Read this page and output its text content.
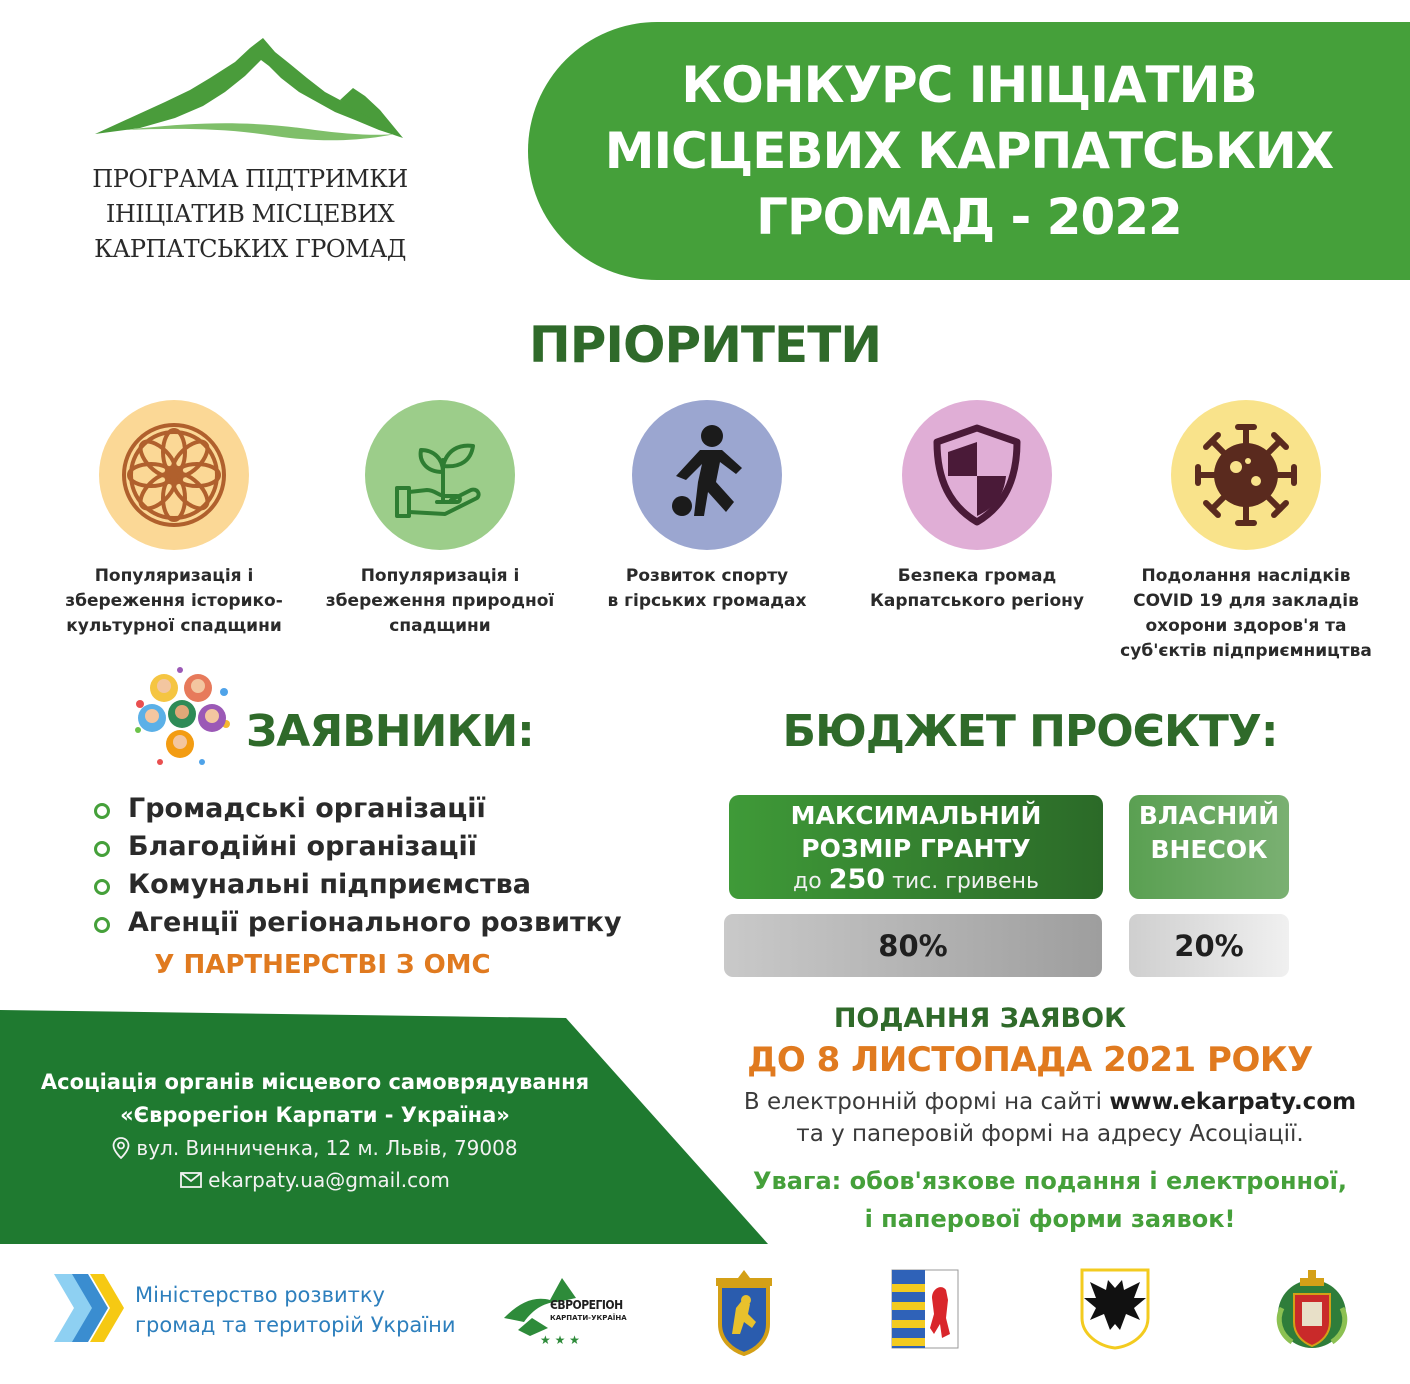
ПРОГРАМА ПІДТРИМКИ
ІНІЦІАТИВ МІСЦЕВИХ
КАРПАТСЬКИХ ГРОМАД
КОНКУРС ІНІЦІАТИВ
МІСЦЕВИХ КАРПАТСЬКИХ
ГРОМАД - 2022
ПРІОРИТЕТИ
Популяризація і
збереження історико-
культурної спадщини
Популяризація і
збереження природної
спадщини
Розвиток спорту
в гірських громадах
Безпека громад
Карпатського регіону
Подолання наслідків
COVID 19 для закладів
охорони здоров'я та
суб'єктів підприємництва
ЗАЯВНИКИ:
Громадські організації
Благодійні організації
Комунальні підприємства
Агенції регіонального розвитку
У ПАРТНЕРСТВІ З ОМС
БЮДЖЕТ ПРОЄКТУ:
МАКСИМАЛЬНИЙ
РОЗМІР ГРАНТУ
до 250 тис. гривень
ВЛАСНИЙ
ВНЕСОК
80%	20%
ПОДАННЯ ЗАЯВОК
ДО 8 ЛИСТОПАДА 2021 РОКУ
В електронній формі на сайті www.ekarpaty.com
та у паперовій формі на адресу Асоціації.
Увага: обов'язкове подання і електронної,
і паперової форми заявок!
Асоціація органів місцевого самоврядування
«Єврорегіон Карпати - Україна»
вул. Винниченка, 12 м. Львів, 79008
ekarpaty.ua@gmail.com
Міністерство розвитку
громад та територій України
★ ★ ★
ЄВРОРЕГІОН
КАРПАТИ-УКРАЇНА
